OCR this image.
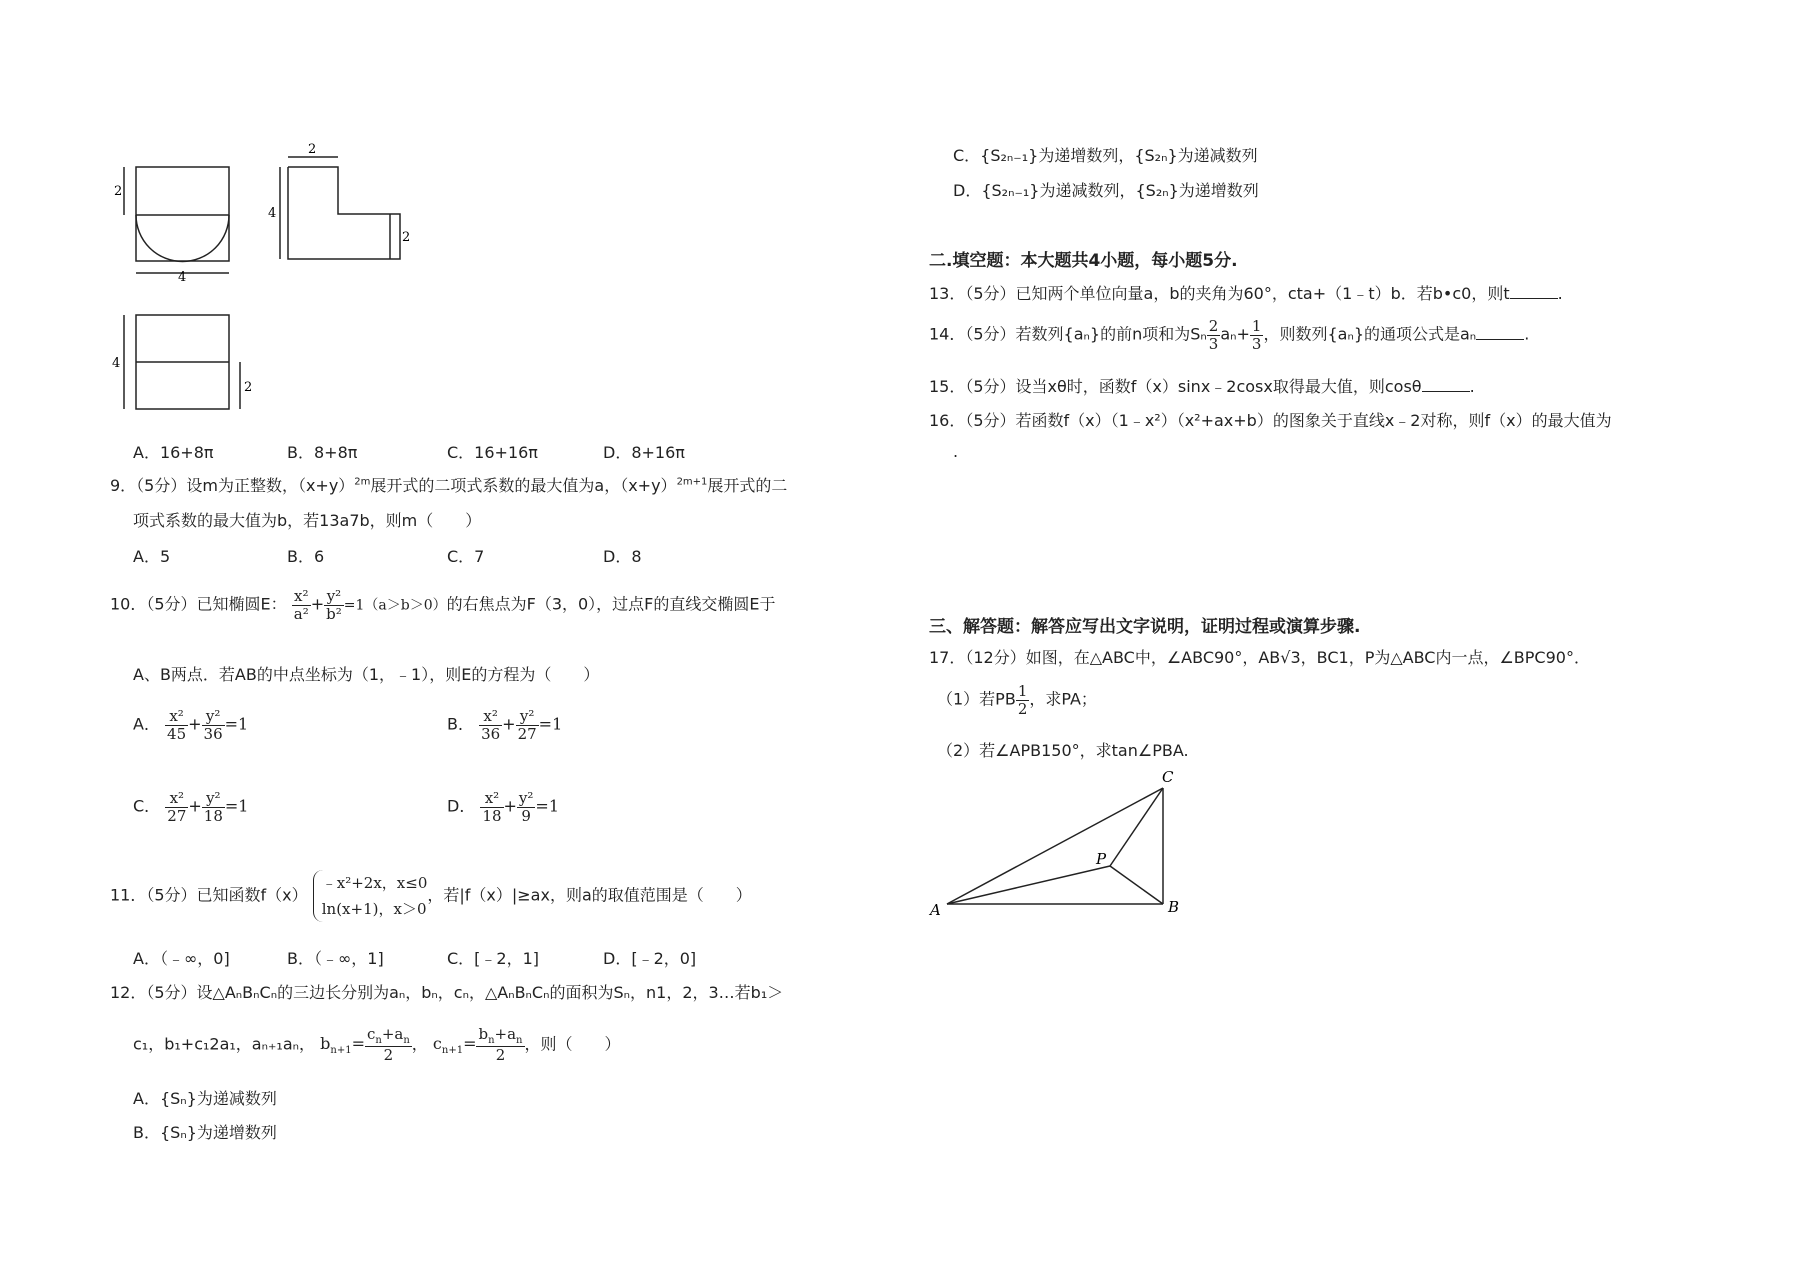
2
4
2
4
2
4
2
A．16+8π	B．8+8π	C．16+16π	D．8+16π
9．（5分）设m为正整数，$(x+y)^{2m}$展开式的二项式系数的最大值为a，$(x+y)^{2m+1}$展开式的二
项式系数的最大值为b，若13a7b，则m（　　）
A．5	B．6	C．7	D．8
10．（5分）已知椭圆E： $\frac{\text{x²}}{\text{a²}} + \frac{\text{y²}}{\text{b²}} =1(a>b>0)$的右焦点为F（3，0），过点F的直线交椭圆E于
A、B两点．若AB的中点坐标为（1，﹣1），则E的方程为（　　）
A． $\frac{\text{x²}}{45} + \frac{\text{y²}}{36} =1$	B． $\frac{\text{x²}}{36} + \frac{\text{y²}}{27} =1$
C． $\frac{\text{x²}}{27} + \frac{\text{y²}}{18} =1$	D． $\frac{\text{x²}}{18} + \frac{\text{y²}}{9} =1$
11．（5分）已知函数f（x）
﹣x²+2x，x≤0
ln(x+1)，x＞0
，若|f（x）|≥ax，则a的取值范围是（　　）
A．（﹣∞，0]	B．（﹣∞，1]	C．[﹣2，1]	D．[﹣2，0]
12．（5分）设△AₙBₙCₙ的三边长分别为aₙ，bₙ，cₙ，△AₙBₙCₙ的面积为Sₙ，n1，2，3…若b₁＞
c₁，b₁+c₁2a₁，aₙ₊₁aₙ， $b_{n+1}= \frac{c_n+a_n}{2}$ ， $c_{n+1}= \frac{b_n+a_n}{2}$ ，则（　　）
A．{Sₙ}为递减数列
B．{Sₙ}为递增数列
C．{S₂ₙ₋₁}为递增数列，{S₂ₙ}为递减数列
D．{S₂ₙ₋₁}为递减数列，{S₂ₙ}为递增数列
二.填空题：本大题共4小题，每小题5分.
13．（5分）已知两个单位向量a，b的夹角为60°，cta+（1﹣t）b．若b•c0，则t	.
14．（5分）若数列{aₙ}的前n项和为Sₙ $\frac{2}{3} a_n+ \frac{1}{3}$ ，则数列{aₙ}的通项公式是aₙ	.
15．（5分）设当xθ时，函数f（x）sinx﹣2cosx取得最大值，则cosθ	.
16．（5分）若函数f（x）（1﹣x²）（x²+ax+b）的图象关于直线x﹣2对称，则f（x）的最大值为
.
三、解答题：解答应写出文字说明，证明过程或演算步骤.
17．（12分）如图，在△ABC中，∠ABC90°，AB√3，BC1，P为△ABC内一点，∠BPC90°．
（1）若PB $\frac{1}{2}$ ，求PA；
（2）若∠APB150°，求tan∠PBA.
A	B
C
P
